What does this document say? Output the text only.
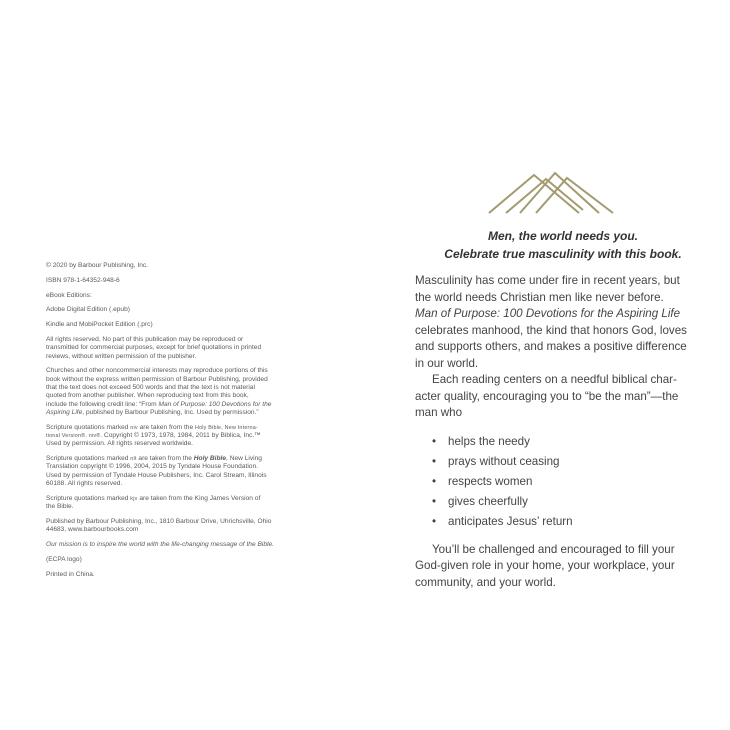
© 2020 by Barbour Publishing, Inc.

ISBN 978-1-64352-948-6

eBook Editions:

Adobe Digital Edition (.epub)

Kindle and MobiPocket Edition (.prc)

All rights reserved. No part of this publication may be reproduced or
transmitted for commercial purposes, except for brief quotations in printed
reviews, without written permission of the publisher.

Churches and other noncommercial interests may reproduce portions of this
book without the express written permission of Barbour Publishing, provided
that the text does not exceed 500 words and that the text is not material
quoted from another publisher. When reproducing text from this book,
include the following credit line: “From Man of Purpose: 100 Devotions for the
Aspiring Life, published by Barbour Publishing, Inc. Used by permission.”

Scripture quotations marked niv are taken from the Holy Bible, New Interna-
tional Version®. niv®. Copyright © 1973, 1978, 1984, 2011 by Biblica, Inc.™
Used by permission. All rights reserved worldwide.

Scripture quotations marked nlt are taken from the Holy Bible, New Living
Translation copyright © 1996, 2004, 2015 by Tyndale House Foundation.
Used by permission of Tyndale House Publishers, Inc. Carol Stream, Illinois
60188. All rights reserved.

Scripture quotations marked kjv are taken from the King James Version of
the Bible.

Published by Barbour Publishing, Inc., 1810 Barbour Drive, Uhrichsville, Ohio
44683, www.barbourbooks.com

Our mission is to inspire the world with the life-changing message of the Bible.

(ECPA logo)

Printed in China.

Men, the world needs you.
Celebrate true masculinity with this book.
Masculinity has come under fire in recent years, but
the world needs Christian men like never before.
Man of Purpose: 100 Devotions for the Aspiring Life
celebrates manhood, the kind that honors God, loves
and supports others, and makes a positive difference
in our world.
Each reading centers on a needful biblical char-
acter quality, encouraging you to “be the man”—the
man who
• helps the needy
• prays without ceasing
• respects women
• gives cheerfully
• anticipates Jesus’ return
You’ll be challenged and encouraged to fill your
God-given role in your home, your workplace, your
community, and your world.
